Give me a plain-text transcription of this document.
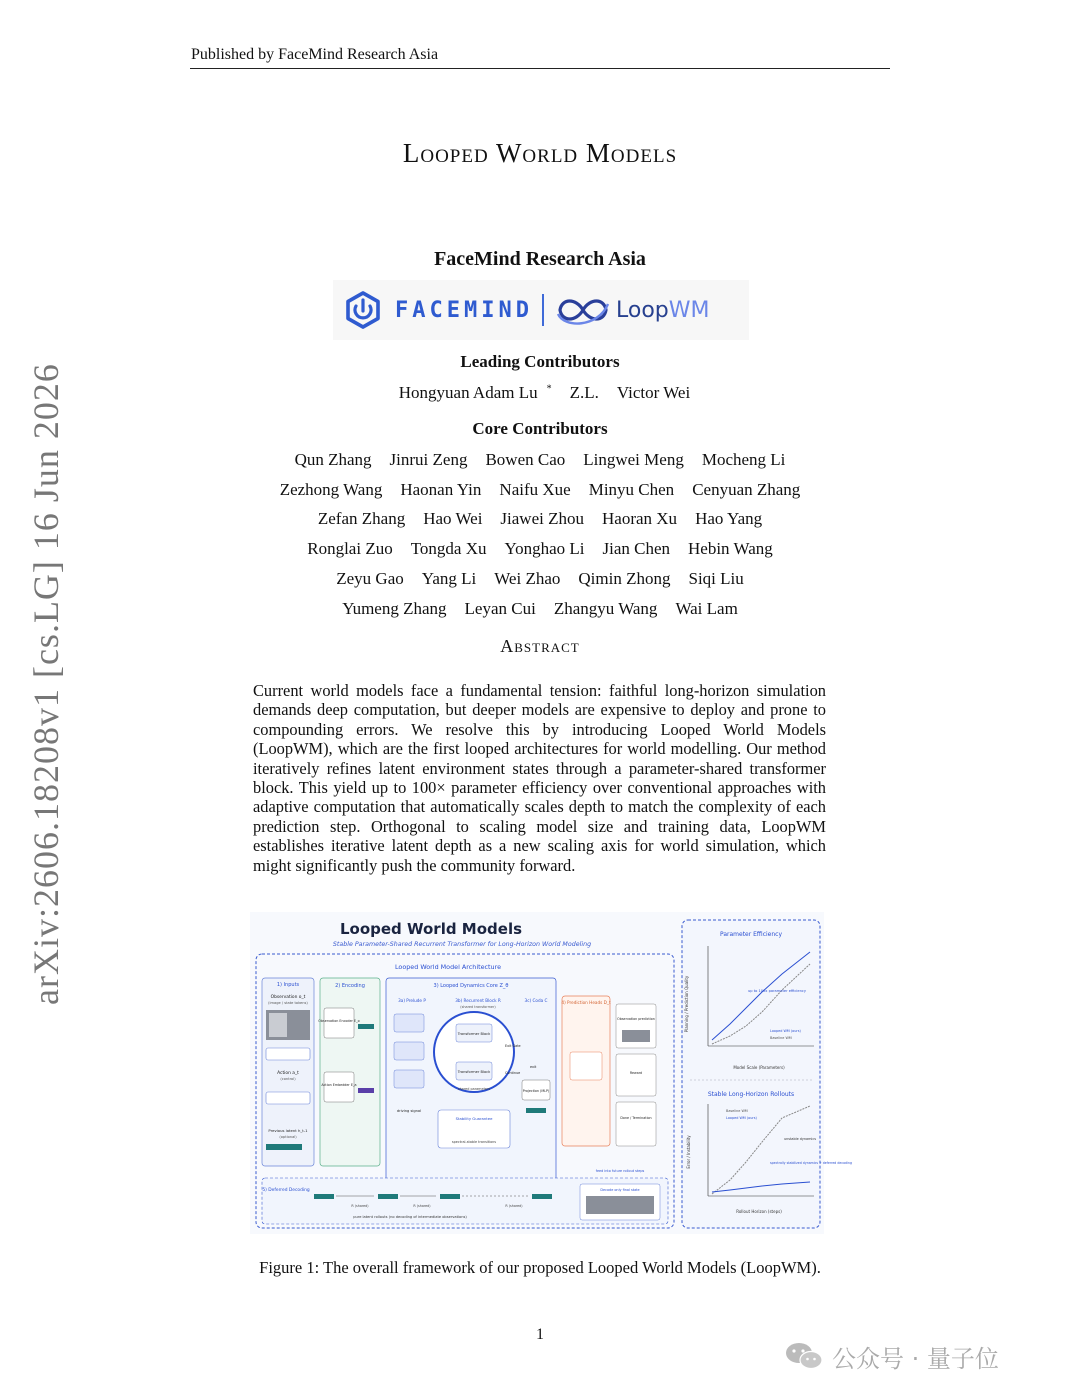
Published by FaceMind Research Asia
Looped World Models
FaceMind Research Asia
FACEMIND	LoopWM
Leading Contributors
Hongyuan Adam Lu * Z.L. Victor Wei
Core Contributors
Qun Zhang Jinrui Zeng Bowen Cao Lingwei Meng Mocheng Li
Zezhong Wang Haonan Yin Naifu Xue Minyu Chen Cenyuan Zhang
Zefan Zhang Hao Wei Jiawei Zhou Haoran Xu Hao Yang
Ronglai Zuo Tongda Xu Yonghao Li Jian Chen Hebin Wang
Zeyu Gao Yang Li Wei Zhao Qimin Zhong Siqi Liu
Yumeng Zhang Leyan Cui Zhangyu Wang Wai Lam
Abstract
Current world models face a fundamental tension: faithful long-horizon simulation demands deep computation, but deeper models are expensive to deploy and prone to compounding errors. We resolve this by introducing Looped World Models (LoopWM), which are the first looped architectures for world modelling. Our method iteratively refines latent environment states through a parameter-shared transformer block. This yield up to 100× parameter efficiency over conventional approaches with adaptive computation that automatically scales depth to match the complexity of each prediction step. Orthogonal to scaling model size and training data, LoopWM establishes iterative latent depth as a new scaling axis for world simulation, which might significantly push the community forward.
arXiv:2606.18208v1 [cs.LG] 16 Jun 2026	Looped World Models
Stable Parameter-Shared Recurrent Transformer for Long-Horizon World Modeling
Looped World Model Architecture
1) Inputs
Observation o_t
(image / state tokens)
Action a_t
(control)
Previous latent h_t-1
(optional)
2) Encoding
Observation Encoder E_o
Action Embedder E_a
3) Looped Dynamics Core Z_θ
3a) Prelude P	3b) Recurrent Block R
(shared transformer)
3c) Coda C
driving signal
Transformer Block
Transformer Block
shared parameters
Exit Gate
Continue
Stability Guarantee
spectral-stable transitions
Projection (MLP)
exit
4) Prediction Heads D_t
Observation prediction
Reward
Done / Termination
feed into future rollout steps
5) Deferred Decoding
R (shared)	R (shared)	R (shared)
pure latent rollouts (no decoding of intermediate observations)
Decode only final state
Parameter Efficiency
Planning / Prediction Quality	up to 100x parameter efficiency
Looped WM (ours)
Baseline WM
Model Scale (Parameters)
Stable Long-Horizon Rollouts
Error / Instability
Baseline WM
Looped WM (ours)
unstable dynamics
spectrally stabilized dynamics + deferred decoding
Rollout Horizon (steps)
Figure 1: The overall framework of our proposed Looped World Models (LoopWM).
1
公众号 · 量子位
